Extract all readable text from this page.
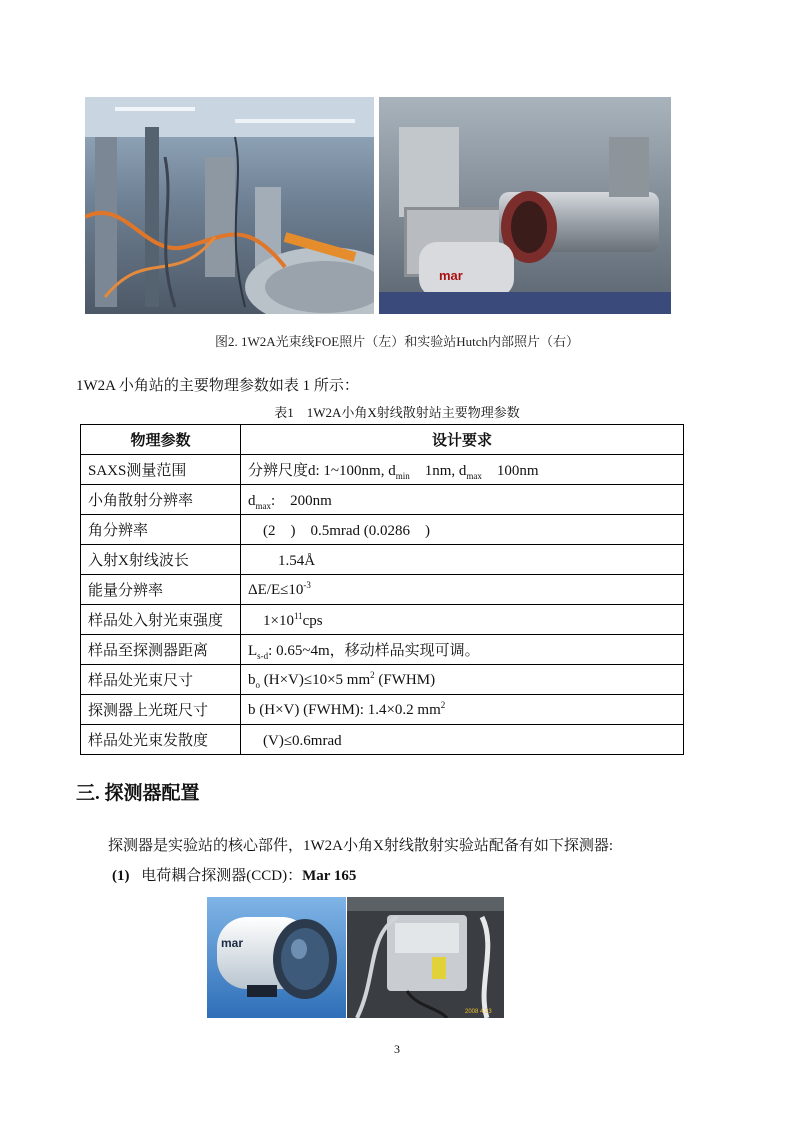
mar
图2. 1W2A光束线FOE照片（左）和实验站Hutch内部照片（右）
1W2A 小角站的主要物理参数如表 1 所示：
表1　1W2A小角X射线散射站主要物理参数
物理参数	设计要求
SAXS测量范围	分辨尺度d: 1~100nm, $d_{min}$　1nm, $d_{max}$　100nm
小角散射分辨率	$d_{max}$:　200nm
角分辨率	　(2　)　0.5mrad (0.0286　)
入射X射线波长	　　1.54Å
能量分辨率	$\Delta E/E\le 10^{-3}$
样品处入射光束强度	　$1\times 10^{11}cps$
样品至探测器距离	$L_{s-d}$: 0.65~4m，移动样品实现可调。
样品处光束尺寸	$b_o$ (H×V)≤10×5 $mm^2$ (FWHM)
探测器上光斑尺寸	b (H×V) (FWHM): 1.4×0.2 $mm^2$
样品处光束发散度	　(V)≤0.6mrad
三. 探测器配置
探测器是实验站的核心部件，1W2A小角X射线散射实验站配备有如下探测器:
(1) 电荷耦合探测器(CCD)：Mar 165
mar
2008 4 23
3
